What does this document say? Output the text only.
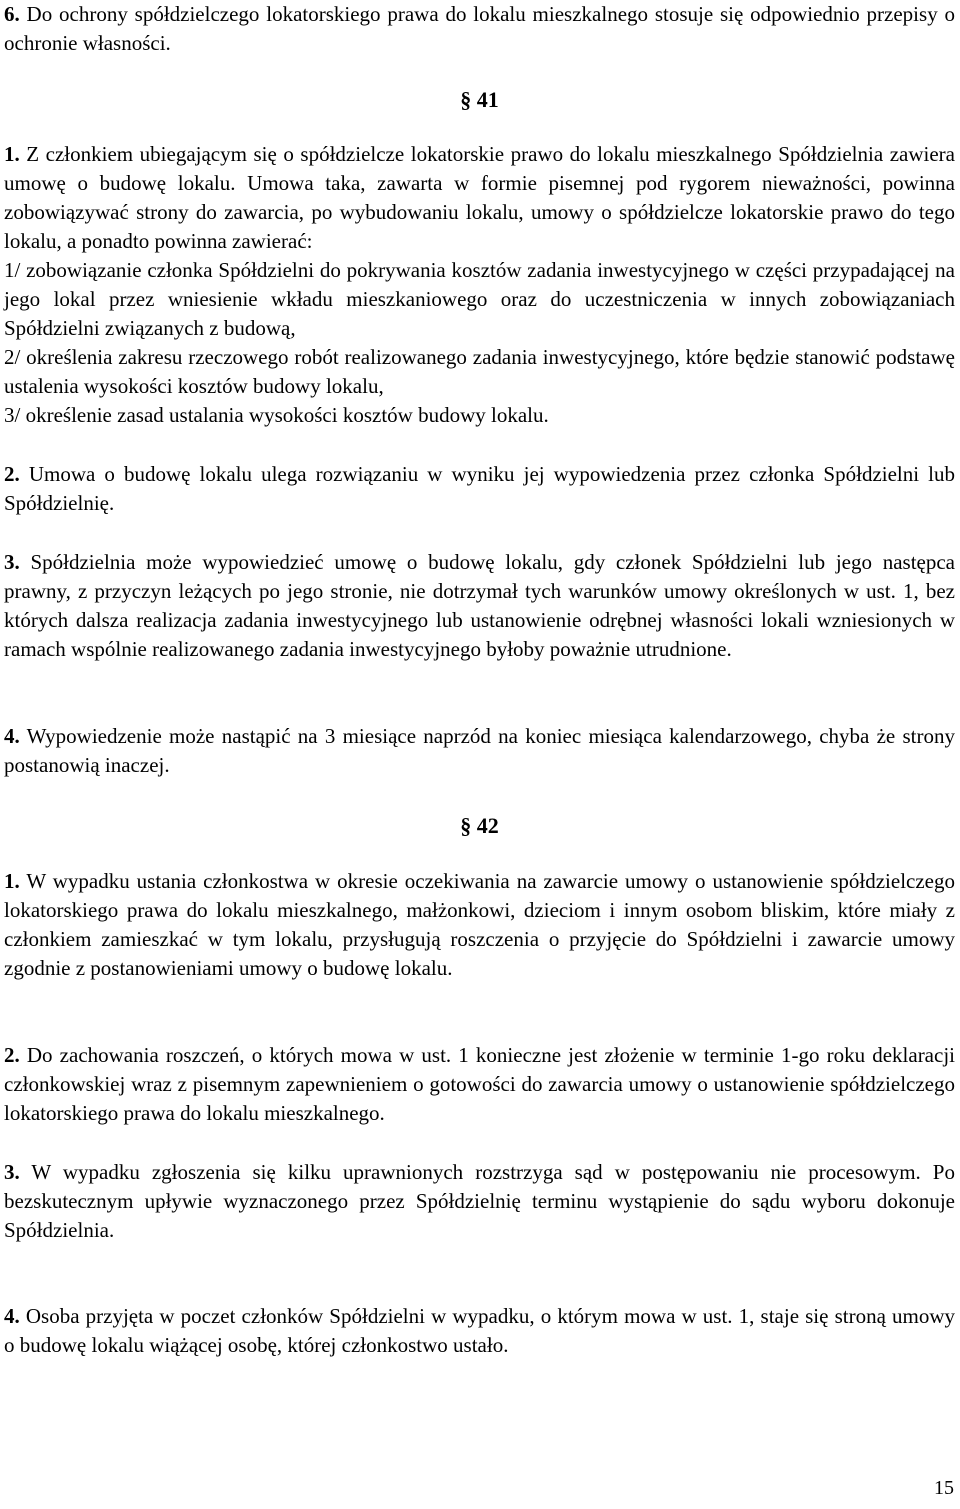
6. Do ochrony spółdzielczego lokatorskiego prawa do lokalu mieszkalnego stosuje się odpowiednio przepisy o ochronie własności.

§ 41

1. Z członkiem ubiegającym się o spółdzielcze lokatorskie prawo do lokalu mieszkalnego Spółdzielnia zawiera umowę o budowę lokalu. Umowa taka, zawarta w formie pisemnej pod rygorem nieważności, powinna zobowiązywać strony do zawarcia, po wybudowaniu lokalu, umowy o spółdzielcze lokatorskie prawo do tego lokalu, a ponadto powinna zawierać:

1/ zobowiązanie członka Spółdzielni do pokrywania kosztów zadania inwestycyjnego w części przypadającej na jego lokal przez wniesienie wkładu mieszkaniowego oraz do uczestniczenia w innych zobowiązaniach Spółdzielni związanych z budową,

2/ określenia zakresu rzeczowego robót realizowanego zadania inwestycyjnego, które będzie stanowić podstawę ustalenia wysokości kosztów budowy lokalu,

3/ określenie zasad ustalania wysokości kosztów budowy lokalu.

2. Umowa o budowę lokalu ulega rozwiązaniu w wyniku jej wypowiedzenia przez członka Spółdzielni lub Spółdzielnię.

3. Spółdzielnia może wypowiedzieć umowę o budowę lokalu, gdy członek Spółdzielni lub jego następca prawny, z przyczyn leżących po jego stronie, nie dotrzymał tych warunków umowy określonych w ust. 1, bez których dalsza realizacja zadania inwestycyjnego lub ustanowienie odrębnej własności lokali wzniesionych w ramach wspólnie realizowanego zadania inwestycyjnego byłoby poważnie utrudnione.

4. Wypowiedzenie może nastąpić na 3 miesiące naprzód na koniec miesiąca kalendarzowego, chyba że strony postanowią inaczej.

§ 42

1. W wypadku ustania członkostwa w okresie oczekiwania na zawarcie umowy o ustanowienie spółdzielczego lokatorskiego prawa do lokalu mieszkalnego, małżonkowi, dzieciom i innym osobom bliskim, które miały z członkiem zamieszkać w tym lokalu, przysługują roszczenia o przyjęcie do Spółdzielni i zawarcie umowy zgodnie z postanowieniami umowy o budowę lokalu.

2. Do zachowania roszczeń, o których mowa w ust. 1 konieczne jest złożenie w terminie 1-go roku deklaracji członkowskiej wraz z pisemnym zapewnieniem o gotowości do zawarcia umowy o ustanowienie spółdzielczego lokatorskiego prawa do lokalu mieszkalnego.

3. W wypadku zgłoszenia się kilku uprawnionych rozstrzyga sąd w postępowaniu nie procesowym. Po bezskutecznym upływie wyznaczonego przez Spółdzielnię terminu wystąpienie do sądu wyboru dokonuje Spółdzielnia.

4. Osoba przyjęta w poczet członków Spółdzielni w wypadku, o którym mowa w ust. 1, staje się stroną umowy o budowę lokalu wiążącej osobę, której członkostwo ustało.

15
